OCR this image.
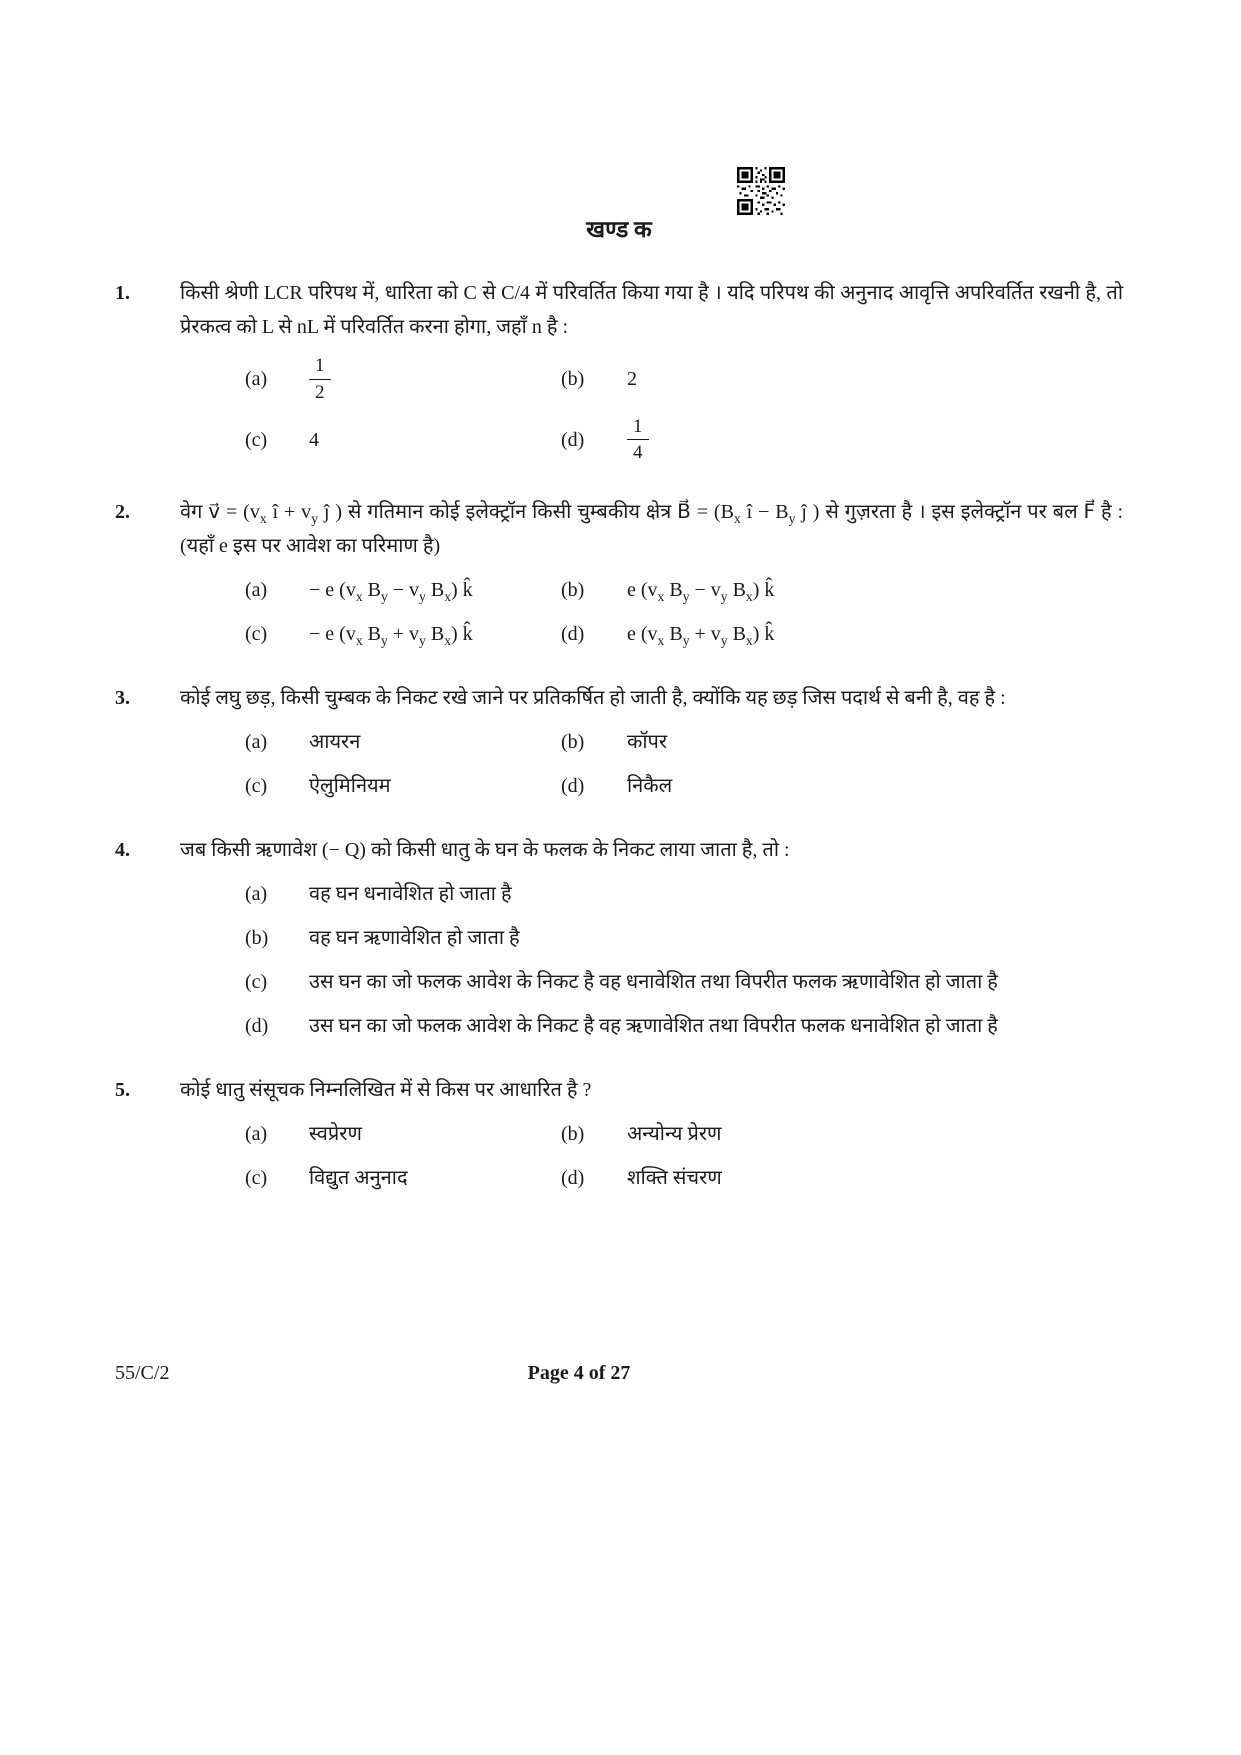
खण्ड क
1.	किसी श्रेणी LCR परिपथ में, धारिता को C से C/4 में परिवर्तित किया गया है । यदि परिपथ की अनुनाद आवृत्ति अपरिवर्तित रखनी है, तो प्रेरकत्व को L से nL में परिवर्तित करना होगा, जहाँ n है :

(a)	$\frac{1}{2}$	(b)	2
(c)	4	(d)	$\frac{1}{4}$
2.	वेग v⃗ = ($v_x$ î + $v_y$ ĵ ) से गतिमान कोई इलेक्ट्रॉन किसी चुम्बकीय क्षेत्र B⃗ = ($B_x$ î − $B_y$ ĵ ) से गुज़रता है । इस इलेक्ट्रॉन पर बल F⃗ है : (यहाँ e इस पर आवेश का परिमाण है)

(a)	− e ($v_x$ $B_y - v_y$ $B_x$) k̂	(b)	e ($v_x$ $B_y - v_y$ $B_x$) k̂
(c)	− e ($v_x$ $B_y + v_y$ $B_x$) k̂	(d)	e ($v_x$ $B_y + v_y$ $B_x$) k̂
3.	कोई लघु छड़, किसी चुम्बक के निकट रखे जाने पर प्रतिकर्षित हो जाती है, क्योंकि यह छड़ जिस पदार्थ से बनी है, वह है :

(a)	आयरन	(b)	कॉपर
(c)	ऐलुमिनियम	(d)	निकैल
4.	जब किसी ऋणावेश (− Q) को किसी धातु के घन के फलक के निकट लाया जाता है, तो :

(a)	वह घन धनावेशित हो जाता है
(b)	वह घन ऋणावेशित हो जाता है
(c)	उस घन का जो फलक आवेश के निकट है वह धनावेशित तथा विपरीत फलक ऋणावेशित हो जाता है
(d)	उस घन का जो फलक आवेश के निकट है वह ऋणावेशित तथा विपरीत फलक धनावेशित हो जाता है
5.	कोई धातु संसूचक निम्नलिखित में से किस पर आधारित है ?

(a)	स्वप्रेरण	(b)	अन्योन्य प्रेरण
(c)	विद्युत अनुनाद	(d)	शक्ति संचरण
55/C/2	Page 4 of 27
